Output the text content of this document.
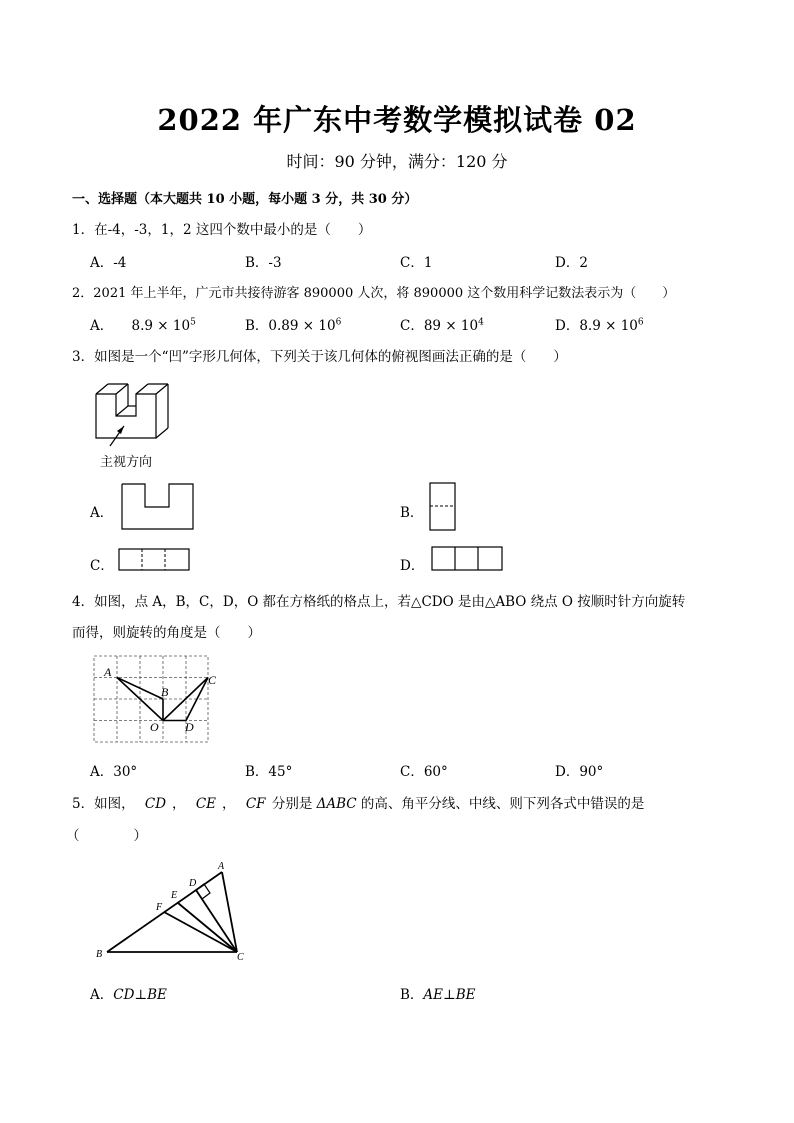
2022 年广东中考数学模拟试卷 02
时间：90 分钟，满分：120 分
一、选择题（本大题共 10 小题，每小题 3 分，共 30 分）
1．在-4，-3，1，2 这四个数中最小的是（　　）
A．-4	B．-3	C．1	D．2
2．2021 年上半年，广元市共接待游客 890000 人次，将 890000 这个数用科学记数法表示为（　　）
A． $8.9 \times 10^5$	B．$0.89 \times 10^6$	C．$89 \times 10^4$	D．$8.9 \times 10^6$
3．如图是一个“凹”字形几何体，下列关于该几何体的俯视图画法正确的是（　　）
主视方向
A．	B．
C．	D．
4．如图，点 A，B，C，D，O 都在方格纸的格点上，若△CDO 是由△ABO 绕点 O 按顺时针方向旋转
而得，则旋转的角度是（　　）
A
B
C
O D
A．30°	B．45°	C．60°	D．90°
5．如图， CD ， CE ， CF 分别是 ΔABC 的高、角平分线、中线、则下列各式中错误的是
（　　　　）
A
D
E
F
B	C
A．CD⊥BE	B．AE⊥BE
